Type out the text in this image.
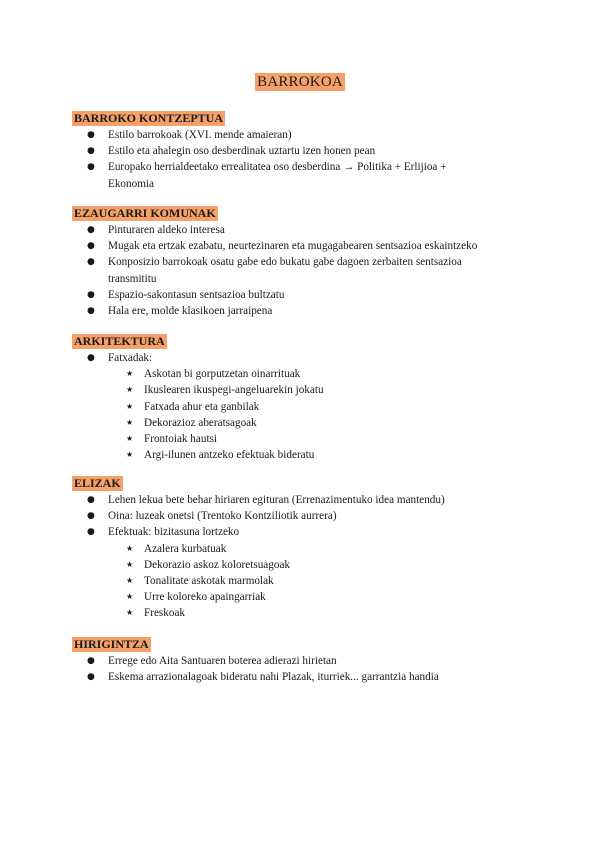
BARROKOA
BARROKO KONTZEPTUA
● Estilo barrokoak (XVI. mende amaieran)
● Estilo eta ahalegin oso desberdinak uztartu izen honen pean
● Europako herrialdeetako errealitatea oso desberdina → Politika + Erlijioa +
Ekonomia
EZAUGARRI KOMUNAK
● Pinturaren aldeko interesa
● Mugak eta ertzak ezabatu, neurtezinaren eta mugagabearen sentsazioa eskaintzeko
● Konposizio barrokoak osatu gabe edo bukatu gabe dagoen zerbaiten sentsazioa
transmititu
● Espazio-sakontasun sentsazioa bultzatu
● Hala ere, molde klasikoen jarraipena
ARKITEKTURA
● Fatxadak:
★ Askotan bi gorputzetan oinarrituak
★ Ikuslearen ikuspegi-angeluarekin jokatu
★ Fatxada ahur eta ganbilak
★ Dekorazioz aberatsagoak
★ Frontoiak hautsi
★ Argi-ilunen antzeko efektuak bideratu
ELIZAK
● Lehen lekua bete behar hiriaren egituran (Errenazimentuko idea mantendu)
● Oina: luzeak onetsi (Trentoko Kontziliotik aurrera)
● Efektuak: bizitasuna lortzeko
★ Azalera kurbatuak
★ Dekorazio askoz koloretsuagoak
★ Tonalitate askotak marmolak
★ Urre koloreko apaingarriak
★ Freskoak
HIRIGINTZA
● Errege edo Aita Santuaren boterea adierazi hirietan
● Eskema arrazionalagoak bideratu nahi Plazak, iturriek... garrantzia handia
